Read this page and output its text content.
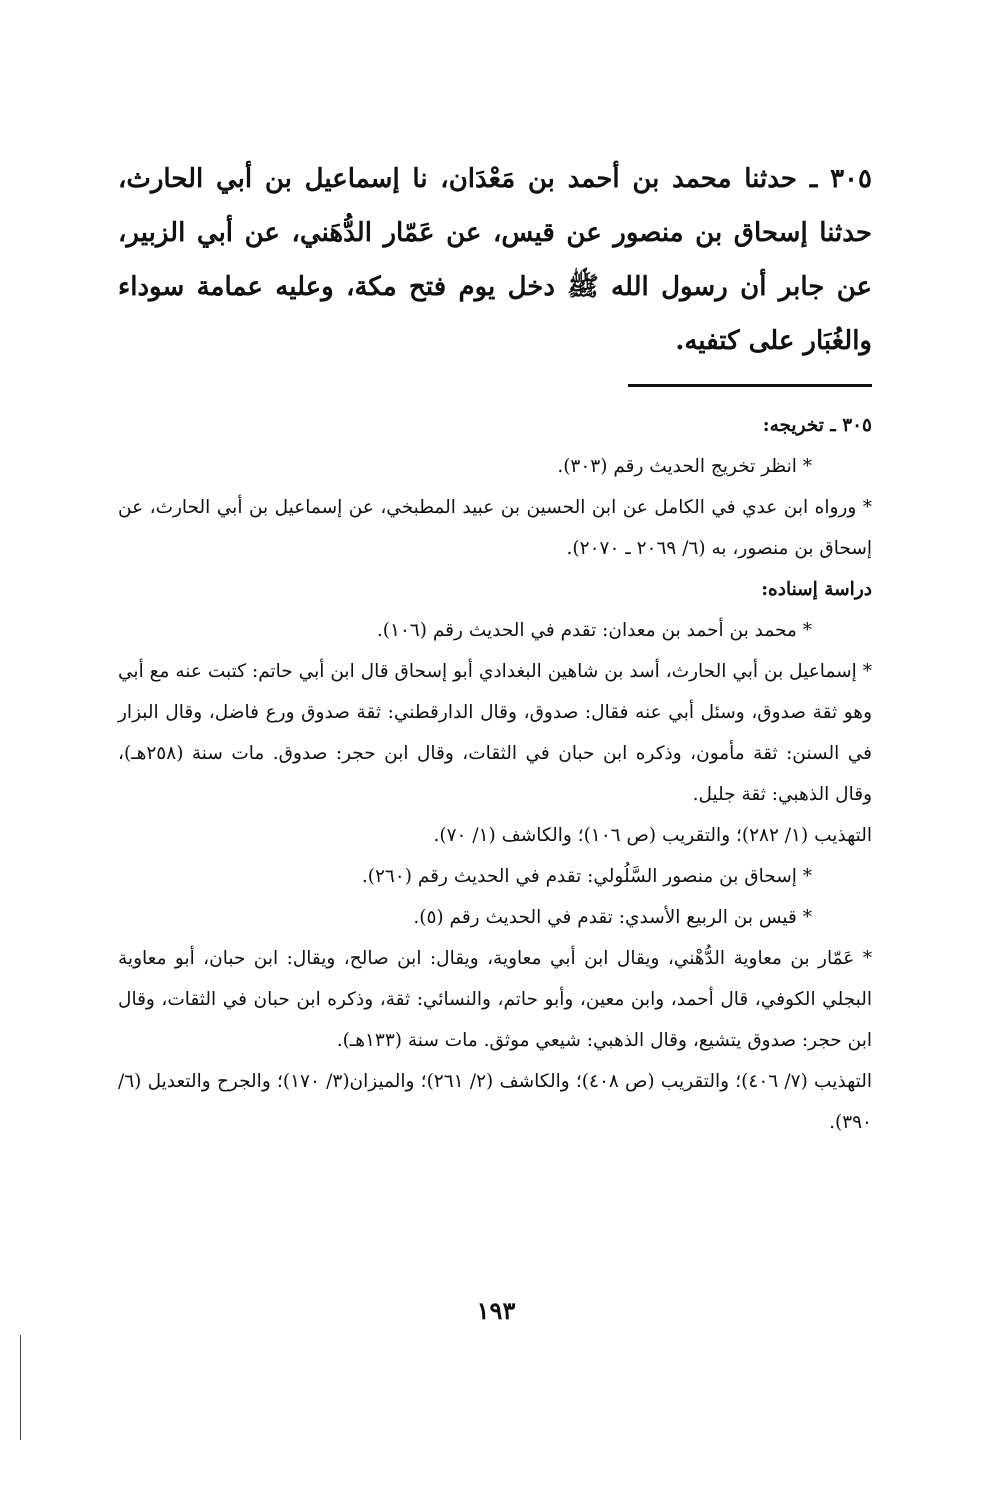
٣٠٥ ـ حدثنا محمد بن أحمد بن مَعْدَان، نا إسماعيل بن أبي الحارث، حدثنا إسحاق بن منصور عن قيس، عن عَمّار الدُّهَني، عن أبي الزبير، عن جابر أن رسول الله ﷺ دخل يوم فتح مكة، وعليه عمامة سوداء والغُبَار على كتفيه.

٣٠٥ ـ تخريجه:

* انظر تخريج الحديث رقم (٣٠٣).

* ورواه ابن عدي في الكامل عن ابن الحسين بن عبيد المطبخي، عن إسماعيل بن أبي الحارث، عن إسحاق بن منصور، به (٦/ ٢٠٦٩ ـ ٢٠٧٠).

دراسة إسناده:

* محمد بن أحمد بن معدان: تقدم في الحديث رقم (١٠٦).

* إسماعيل بن أبي الحارث، أسد بن شاهين البغدادي أبو إسحاق قال ابن أبي حاتم: كتبت عنه مع أبي وهو ثقة صدوق، وسئل أبي عنه فقال: صدوق، وقال الدارقطني: ثقة صدوق ورع فاضل، وقال البزار في السنن: ثقة مأمون، وذكره ابن حبان في الثقات، وقال ابن حجر: صدوق. مات سنة (٢٥٨هـ)، وقال الذهبي: ثقة جليل.

التهذيب (١/ ٢٨٢)؛ والتقريب (ص ١٠٦)؛ والكاشف (١/ ٧٠).

* إسحاق بن منصور السَّلُولي: تقدم في الحديث رقم (٢٦٠).

* قيس بن الربيع الأسدي: تقدم في الحديث رقم (٥).

* عَمّار بن معاوية الدُّهْني، ويقال ابن أبي معاوية، ويقال: ابن صالح، ويقال: ابن حبان، أبو معاوية البجلي الكوفي، قال أحمد، وابن معين، وأبو حاتم، والنسائي: ثقة، وذكره ابن حبان في الثقات، وقال ابن حجر: صدوق يتشيع، وقال الذهبي: شيعي موثق. مات سنة (١٣٣هـ).

التهذيب (٧/ ٤٠٦)؛ والتقريب (ص ٤٠٨)؛ والكاشف (٢/ ٢٦١)؛ والميزان(٣/ ١٧٠)؛ والجرح والتعديل (٦/ ٣٩٠).

١٩٣
